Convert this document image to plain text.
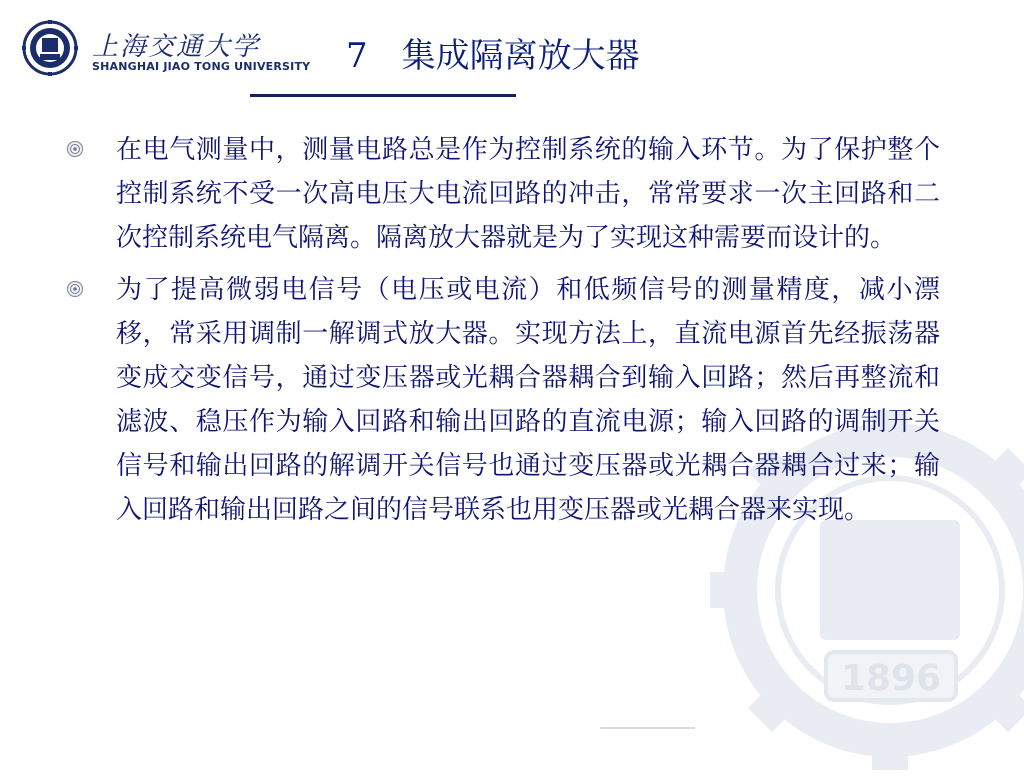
1896
上海交通大学
SHANGHAI JIAO TONG UNIVERSITY 7　集成隔离放大器

在电气测量中，测量电路总是作为控制系统的输入环节。为了保护整个控制系统不受一次高电压大电流回路的冲击，常常要求一次主回路和二次控制系统电气隔离。隔离放大器就是为了实现这种需要而设计的。

为了提高微弱电信号（电压或电流）和低频信号的测量精度，减小漂移，常采用调制一解调式放大器。实现方法上，直流电源首先经振荡器变成交变信号，通过变压器或光耦合器耦合到输入回路；然后再整流和滤波、稳压作为输入回路和输出回路的直流电源；输入回路的调制开关信号和输出回路的解调开关信号也通过变压器或光耦合器耦合过来；输入回路和输出回路之间的信号联系也用变压器或光耦合器来实现。
